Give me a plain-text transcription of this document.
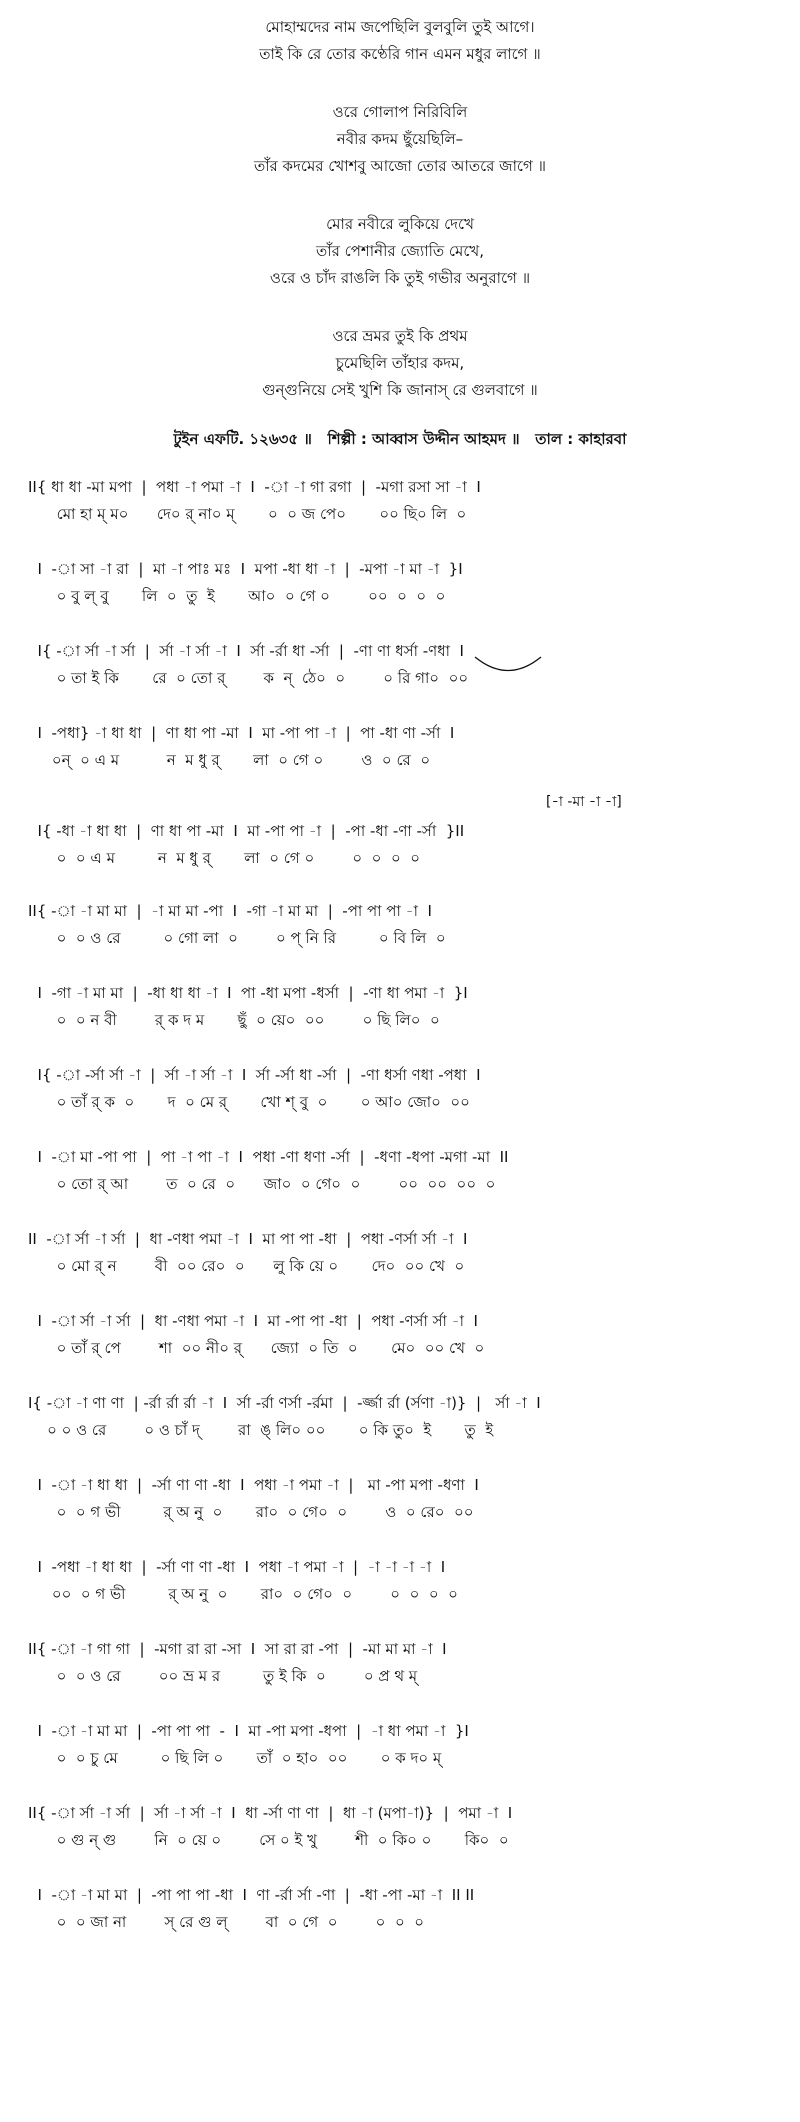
মোহাম্মদের নাম জপেছিলি বুলবুলি তুই আগে।
তাই কি রে তোর কণ্ঠেরি গান এমন মধুর লাগে ॥
ওরে গোলাপ নিরিবিলি
নবীর কদম ছুঁয়েছিলি–
তাঁর কদমের খোশবু আজো তোর আতরে জাগে ॥
মোর নবীরে লুকিয়ে দেখে
তাঁর পেশানীর জ্যোতি মেখে,
ওরে ও চাঁদ রাঙলি কি তুই গভীর অনুরাগে ॥
ওরে ভ্রমর তুই কি প্রথম
চুমেছিলি তাঁহার কদম,
গুন্‌গুনিয়ে সেই খুশি কি জানাস্ রে গুলবাগে ॥
টুইন এফটি. ১২৬৩৫ ॥   শিল্পী : আব্বাস উদ্দীন আহমদ ॥   তাল : কাহারবা
II{ ধা ধা -মা মপা  |  পধা -া পমা -া  I  -া -া গা রগা  |  -মগা রসা সা -া  I
মো হা ম্ ম০      দে০ র্ না০ ম্       ০  ০ জ পে০       ০০ ছি০ লি  ০
I  -া সা -া রা  |  মা -া পাঃ মঃ  I  মপা -ধা ধা -া  |  -মপা -া মা -া  }I
০ বু ল্ বু       লি  ০  তু  ই       আ০  ০ গে ০        ০০  ০  ০  ০
I{ -া র্সা -া র্সা  |  র্সা -া র্সা -া  I  র্সা -র্রা ধা -র্সা  |  -ণা ণা ধর্সা -ণধা  I
০ তা ই কি       রে  ০ তো র্        ক  ন্  ঠে০  ০        ০ রি গা০  ০০
I  -পধা} -া ধা ধা  |  ণা ধা পা -মা  I  মা -পা পা -া  |  পা -ধা ণা -র্সা  I
০ন্  ০ এ ম          ন  ম ধু র্       লা  ০ গে ০        ও  ০ রে  ০
[-া -মা -া -া]
I{ -ধা -া ধা ধা  |  ণা ধা পা -মা  I  মা -পা পা -া  |  -পা -ধা -ণা -র্সা  }II
০  ০ এ ম         ন  ম ধু র্       লা  ০ গে ০        ০  ০  ০  ০
II{ -া -া মা মা  |  -া মা মা -পা  I  -গা -া মা মা  |  -পা পা পা -া  I
০  ০ ও রে         ০ গো লা  ০        ০ প্ নি রি         ০ বি লি  ০
I  -গা -া মা মা  |  -ধা ধা ধা -া  I  পা -ধা মপা -ধর্সা  |  -ণা ধা পমা -া  }I
০  ০ ন বী        র্ ক দ ম       ছুঁ  ০ য়ে০  ০০        ০ ছি লি০  ০
I{ -া -র্সা র্সা -া  |  র্সা -া র্সা -া  I  র্সা -র্সা ধা -র্সা  |  -ণা ধর্সা ণধা -পধা  I
০ তাঁ র্ ক  ০       দ  ০ মে র্       খো শ্ বু  ০       ০ আ০ জো০  ০০
I  -া মা -পা পা  |  পা -া পা -া  I  পধা -ণা ধণা -র্সা  |  -ধণা -ধপা -মগা -মা  II
০ তো র্ আ        ত  ০ রে  ০      জা০  ০ গে০  ০        ০০  ০০  ০০  ০
II  -া র্সা -া র্সা  |  ধা -ণধা পমা -া  I  মা পা পা -ধা  |  পধা -ণর্সা র্সা -া  I
০ মো র্ ন        বী  ০০ রে০  ০      লু কি য়ে ০       দে০  ০০ খে  ০
I  -া র্সা -া র্সা  |  ধা -ণধা পমা -া  I  মা -পা পা -ধা  |  পধা -ণর্সা র্সা -া  I
০ তাঁ র্ পে        শা  ০০ নী০ র্      জ্যো  ০ তি  ০       মে০  ০০ খে  ০
I{ -া -া ণা ণা  | -র্রা র্রা র্রা -া  I  র্সা -র্রা ণর্সা -র্রমা  |  -র্জ্জা র্রা (র্সণা -া)}  |   র্সা -া  I
০ ০ ও রে        ০ ও চাঁ দ্        রা  ঙ্ লি০ ০০       ০ কি তু০  ই       তু  ই
I  -া -া ধা ধা  |  -র্সা ণা ণা -ধা  I  পধা -া পমা -া  |   মা -পা মপা -ধণা  I
০  ০ গ ভী         র্ অ নু  ০       রা০  ০ গে০  ০        ও  ০ রে০  ০০
I  -পধা -া ধা ধা  |  -র্সা ণা ণা -ধা  I  পধা -া পমা -া  |  -া -া -া -া  I
০০  ০ গ ভী         র্ অ নু  ০       রা০  ০ গে০  ০        ০  ০  ০  ০
II{ -া -া গা গা  |  -মগা রা রা -সা  I  সা রা রা -পা  |  -মা মা মা -া  I
০  ০ ও রে        ০০ ভ্র ম র         তু ই কি  ০        ০ প্র থ ম্
I  -া -া মা মা  |  -পা পা পা  -  I  মা -পা মপা -ধপা  |  -া ধা পমা -া  }I
০  ০ চু মে         ০ ছি লি ০       তাঁ  ০ হা০  ০০       ০ ক দ০ ম্
II{ -া র্সা -া র্সা  |  র্সা -া র্সা -া  I  ধা -র্সা ণা ণা  |  ধা -া (মপা-া)}  |  পমা -া  I
০ গু ন্ গু        নি  ০ য়ে ০        সে ০ ই খু        শী  ০ কি০ ০       কি০  ০
I  -া -া মা মা  |  -পা পা পা -ধা  I  ণা -র্রা র্সা -ণা  |  -ধা -পা -মা -া  II II
০  ০ জা না        স্ রে গু ল্        বা  ০ গে  ০        ০  ০  ০
